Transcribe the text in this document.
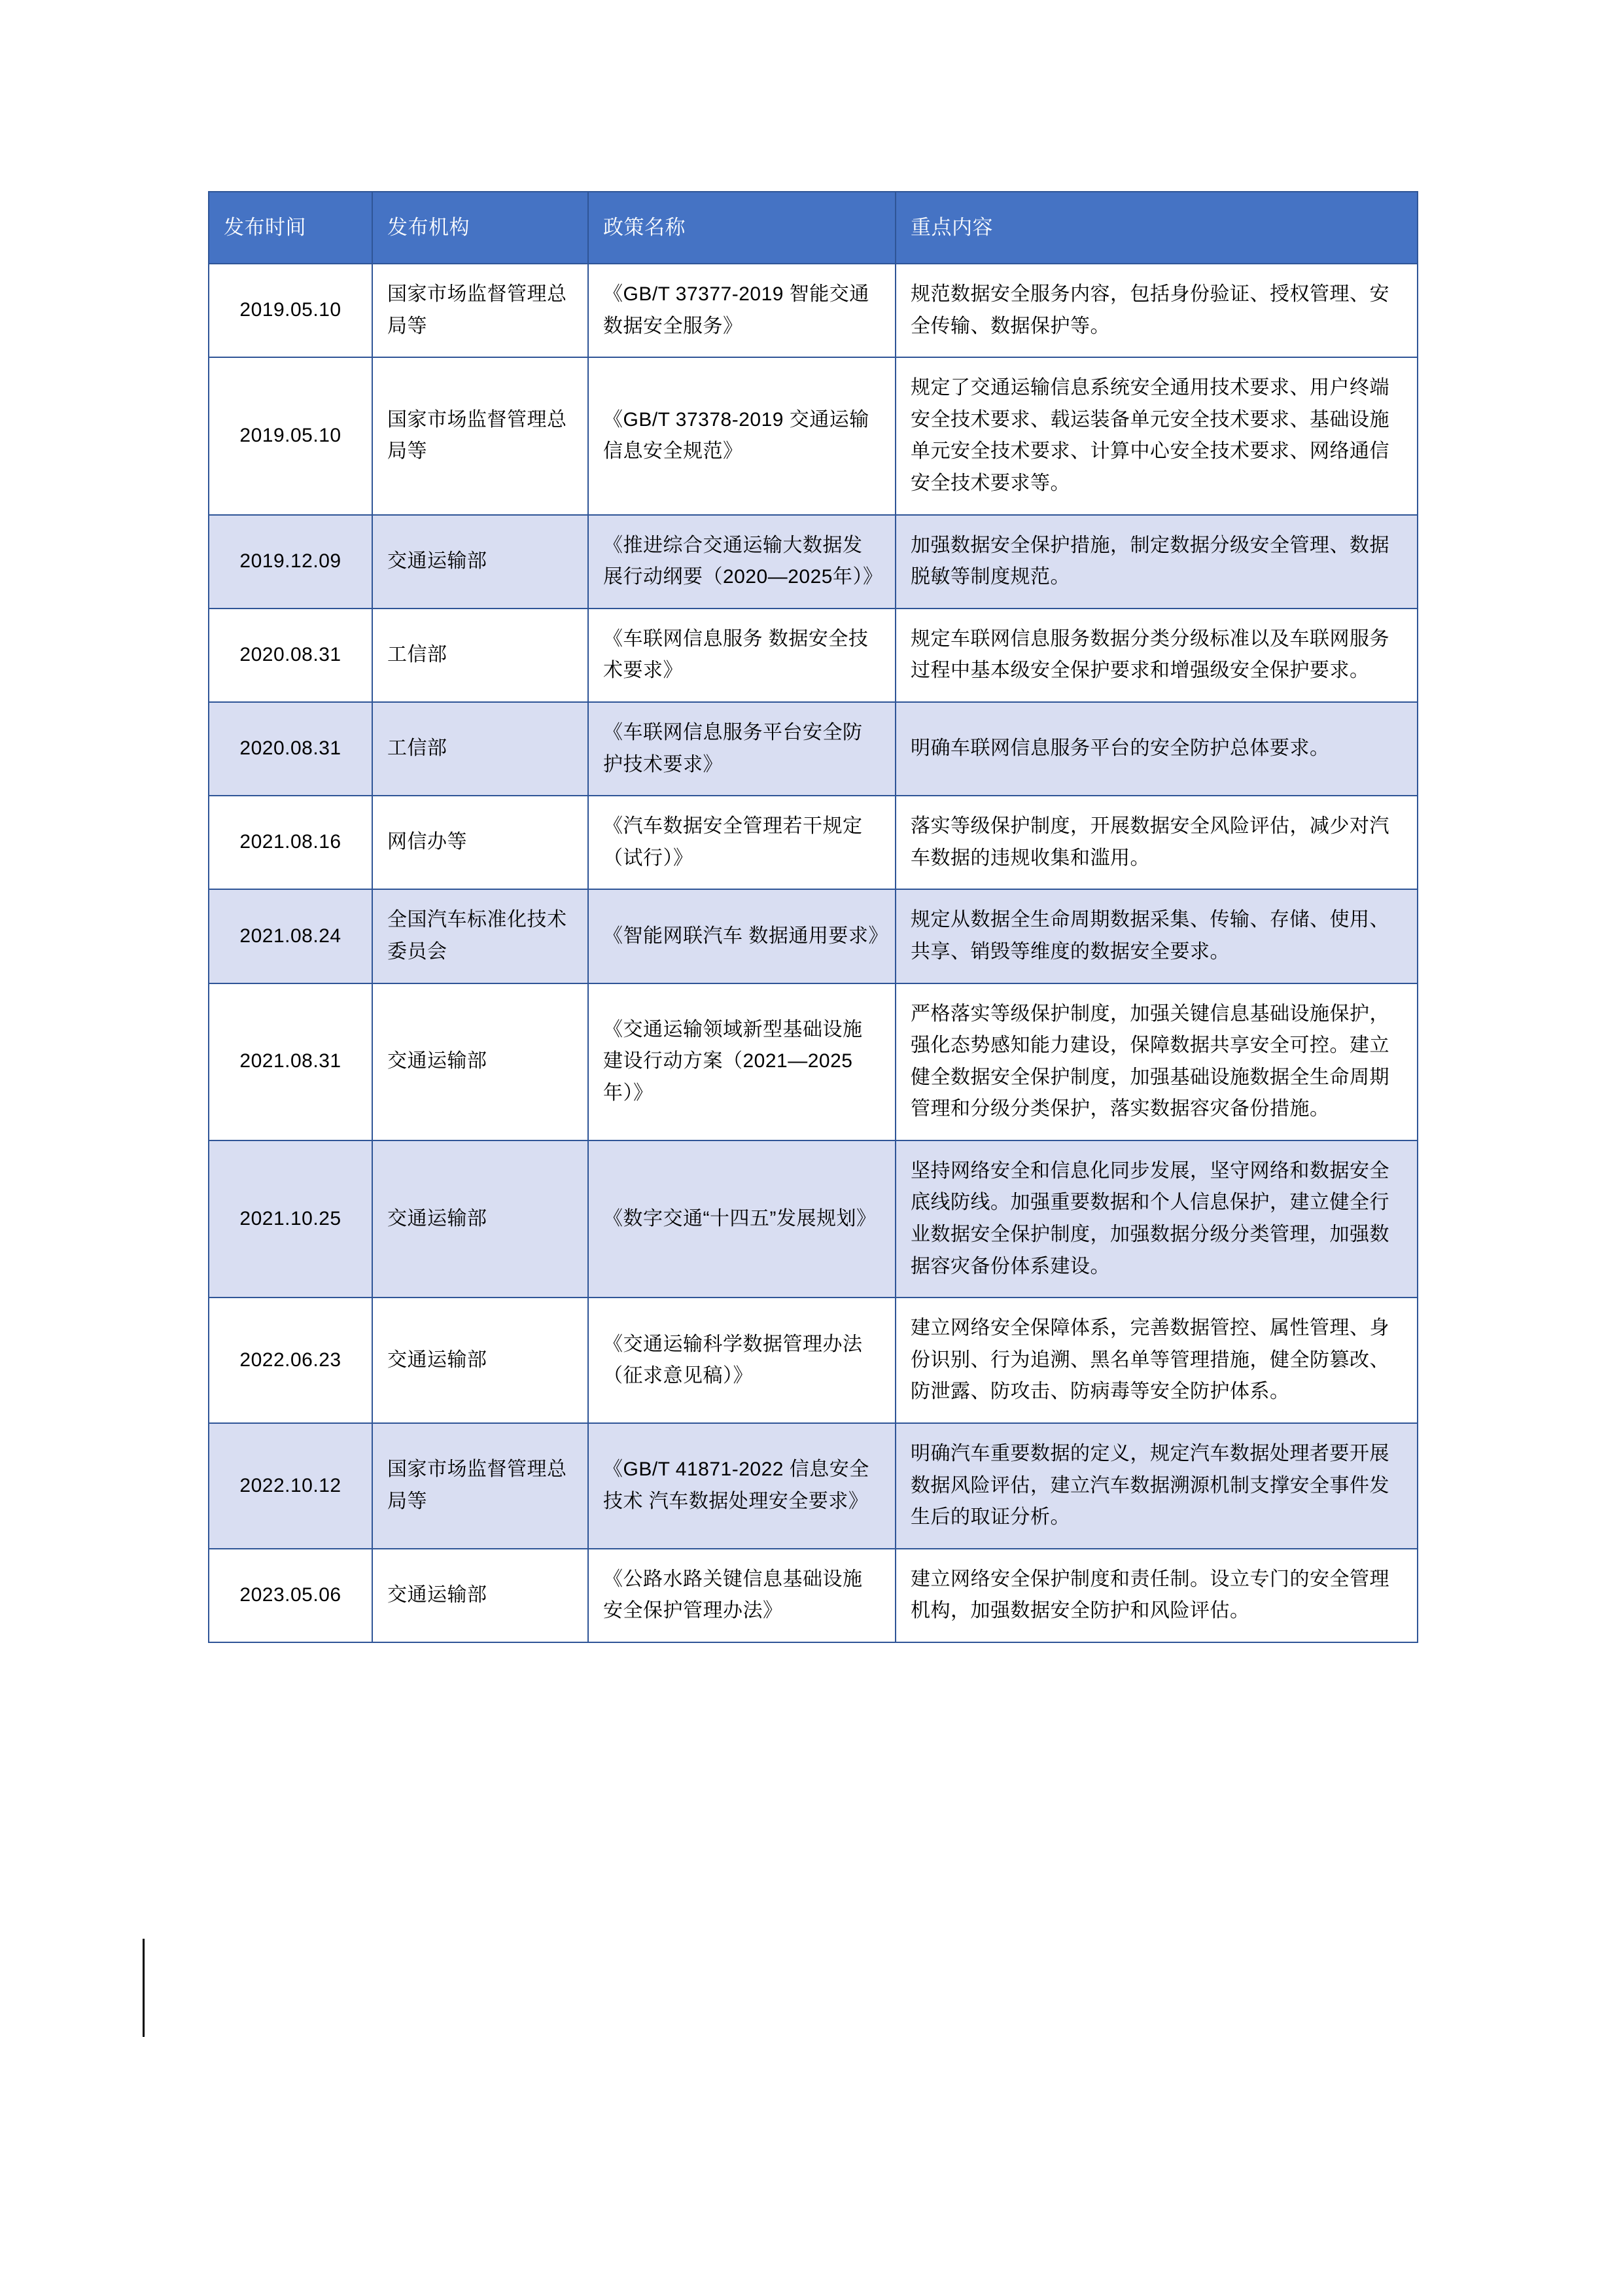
发布时间	发布机构	政策名称	重点内容
2019.05.10	国家市场监督管理总局等	《GB/T 37377-2019 智能交通 数据安全服务》	规范数据安全服务内容，包括身份验证、授权管理、安全传输、数据保护等。
2019.05.10	国家市场监督管理总局等	《GB/T 37378-2019 交通运输 信息安全规范》	规定了交通运输信息系统安全通用技术要求、用户终端安全技术要求、载运装备单元安全技术要求、基础设施单元安全技术要求、计算中心安全技术要求、网络通信安全技术要求等。
2019.12.09	交通运输部	《推进综合交通运输大数据发展行动纲要（2020—2025年）》	加强数据安全保护措施，制定数据分级安全管理、数据脱敏等制度规范。
2020.08.31	工信部	《车联网信息服务 数据安全技术要求》	规定车联网信息服务数据分类分级标准以及车联网服务过程中基本级安全保护要求和增强级安全保护要求。
2020.08.31	工信部	《车联网信息服务平台安全防护技术要求》	明确车联网信息服务平台的安全防护总体要求。
2021.08.16	网信办等	《汽车数据安全管理若干规定（试行）》	落实等级保护制度，开展数据安全风险评估，减少对汽车数据的违规收集和滥用。
2021.08.24	全国汽车标准化技术委员会	《智能网联汽车 数据通用要求》	规定从数据全生命周期数据采集、传输、存储、使用、共享、销毁等维度的数据安全要求。
2021.08.31	交通运输部	《交通运输领域新型基础设施建设行动方案（2021—2025年）》	严格落实等级保护制度，加强关键信息基础设施保护，强化态势感知能力建设，保障数据共享安全可控。建立健全数据安全保护制度，加强基础设施数据全生命周期管理和分级分类保护，落实数据容灾备份措施。
2021.10.25	交通运输部	《数字交通“十四五”发展规划》	坚持网络安全和信息化同步发展，坚守网络和数据安全底线防线。加强重要数据和个人信息保护，建立健全行业数据安全保护制度，加强数据分级分类管理，加强数据容灾备份体系建设。
2022.06.23	交通运输部	《交通运输科学数据管理办法（征求意见稿）》	建立网络安全保障体系，完善数据管控、属性管理、身份识别、行为追溯、黑名单等管理措施，健全防篡改、防泄露、防攻击、防病毒等安全防护体系。
2022.10.12	国家市场监督管理总局等	《GB/T 41871-2022 信息安全技术 汽车数据处理安全要求》	明确汽车重要数据的定义，规定汽车数据处理者要开展数据风险评估，建立汽车数据溯源机制支撑安全事件发生后的取证分析。
2023.05.06	交通运输部	《公路水路关键信息基础设施安全保护管理办法》	建立网络安全保护制度和责任制。设立专门的安全管理机构，加强数据安全防护和风险评估。
